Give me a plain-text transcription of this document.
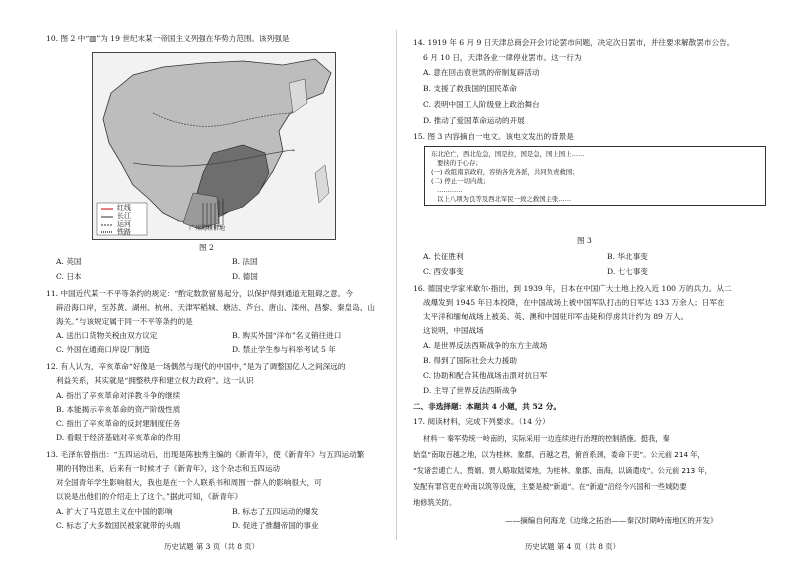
10. 图 2 中“▥”为 19 世纪末某一帝国主义列强在华势力范围。该列强是
红线
长江
运河
铁路	广州湾租借地
图 2
A. 英国	B. 法国
C. 日本	D. 德国
11. 中国近代某一不平等条约的规定：“酌定数款留易起分，以保护得到通道无阻碍之意。今
辟沿海口岸，至苏黄、湖州、杭州、天津军稻城、塘沽、芦台、唐山、滦州、昌黎、秦皇岛、山
海关。”与该规定属于同一不平等条约的是
A. 送出口货物关税由双方议定	B. 购买外国“洋布”名义销往进口
C. 外国在通商口岸设厂制造	D. 禁止学生参与科举考试 5 年
12. 有人认为，辛亥革命“好像是一场偶然与现代的中国中，”是为了调整国亿人之间深远的
利益关系，其实就是“拥整秩序和建立权力政府”。这一认识
A. 指出了辛亥革命对洋教斗争的继续
B. 本能揭示辛亥革命的资产阶级性质
C. 指出了辛亥革命的反封建制度任务
D. 看眼于经济基础对辛亥革命的作用
13. 毛泽东曾指出：“五四运动后，出现是陈独秀主编的《新青年》，使《新青年》与五四运动繁
期的刊物出来，后来有一时候才子《新青年》，这个杂志和五四运动
对全国青年学生影响很大，我也是在一个人联系书和周围一群人的影响很大，可
以说是出他们的介绍走上了这个。”据此可知，《新青年》
A. 扩大了马克思主义在中国的影响	B. 标志了五四运动的爆发
C. 标志了大多数国民被家就带的头端	D. 促进了推翻帝国的事业
历史试题 第 3 页（共 8 页）
14. 1919 年 6 月 9 日天津总商会开会讨论罢市问题，决定次日罢市，并往要求解散罢市公告。
6 月 10 日，天津各业一律停业罢市。这一行为
A. 意在回击袁世凯的帝制复辟活动
B. 支援了救我国的国民革命
C. 表明中国工人阶级登上政治舞台
D. 推动了爱国革命运动的开展
15. 图 3 内容摘自一电文。该电文发出的背景是
东北沦亡，西北危急，国是拉，国是急，国上国上……
要挟的于心存；
(一) 改组南京政府，容纳各党各派，共同负责救国；
(二) 停止一切内战；
…………
以上八项为良等及西北军民一致之救国主张……
图 3
A. 长征胜利	B. 华北事变
C. 西安事变	D. 七七事变
16. 德国史学家米歇尔·指出，到 1939 年，日本在中国广大土地上投入近 100 万的兵力。从二
战爆发到 1945 年日本投降，在中国战场上被中国军队打击的日军达 133 万余人；日军在
太平洋和缅甸战场上被美、英、澳和中国驻印军击毙和俘虏共计约为 89 万人。
这说明，中国战场
A. 是世界反法西斯战争的东方主战场
B. 得到了国际社会大力援助
C. 协助和配合其他战场击溃对抗日军
D. 主导了世界反法西斯战争
二、非选择题：本题共 4 小题，共 52 分。
17. 阅读材料，完成下列要求。（14 分）
材料一 秦军势统一岭南的，实际采用一边连续进行治理的控制措施。挺我，秦
始皇“南取百越之地，以为桂林、象郡，百越之君，俯首系颈，委命下吏”。公元前 214 年，
“发诸尝逋亡人、赘婿、贾人略取陆梁地，为桂林、象郡、南海，以谪遣戍”。公元前 213 年，
发配有罪官吏在岭南以筑等设施，主要是被“新道”。在“新道”沿经今兴国和一些城防要
地修筑关防。
——摘编自何海龙《边缘之拓治——秦汉时期岭南地区的开发》
历史试题 第 4 页（共 8 页）
